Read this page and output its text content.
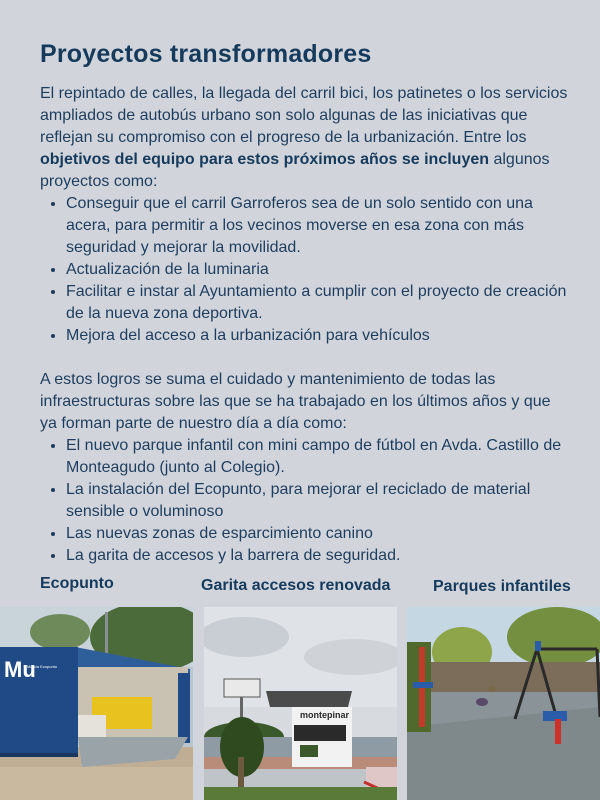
Proyectos transformadores

El repintado de calles, la llegada del carril bici, los patinetes o los servicios ampliados de autobús urbano son solo algunas de las iniciativas que reflejan su compromiso con el progreso de la urbanización. Entre los objetivos del equipo para estos próximos años se incluyen algunos proyectos como:

• Conseguir que el carril Garroferos sea de un solo sentido con una acera, para permitir a los vecinos moverse en esa zona con más seguridad y mejorar la movilidad.
• Actualización de la luminaria
• Facilitar e instar al Ayuntamiento a cumplir con el proyecto de creación de la nueva zona deportiva.
• Mejora del acceso a la urbanización para vehículos

A estos logros se suma el cuidado y mantenimiento de todas las infraestructuras sobre las que se ha trabajado en los últimos años y que ya forman parte de nuestro día a día como:

• El nuevo parque infantil con mini campo de fútbol en Avda. Castillo de Monteagudo (junto al Colegio).
• La instalación del Ecopunto, para mejorar el reciclado de material sensible o voluminoso
• Las nuevas zonas de esparcimiento canino
• La garita de accesos y la barrera de seguridad.
Ecopunto	Garita accesos renovada	Parques infantiles
Mu
Murcia Ecopunto
montepinar
